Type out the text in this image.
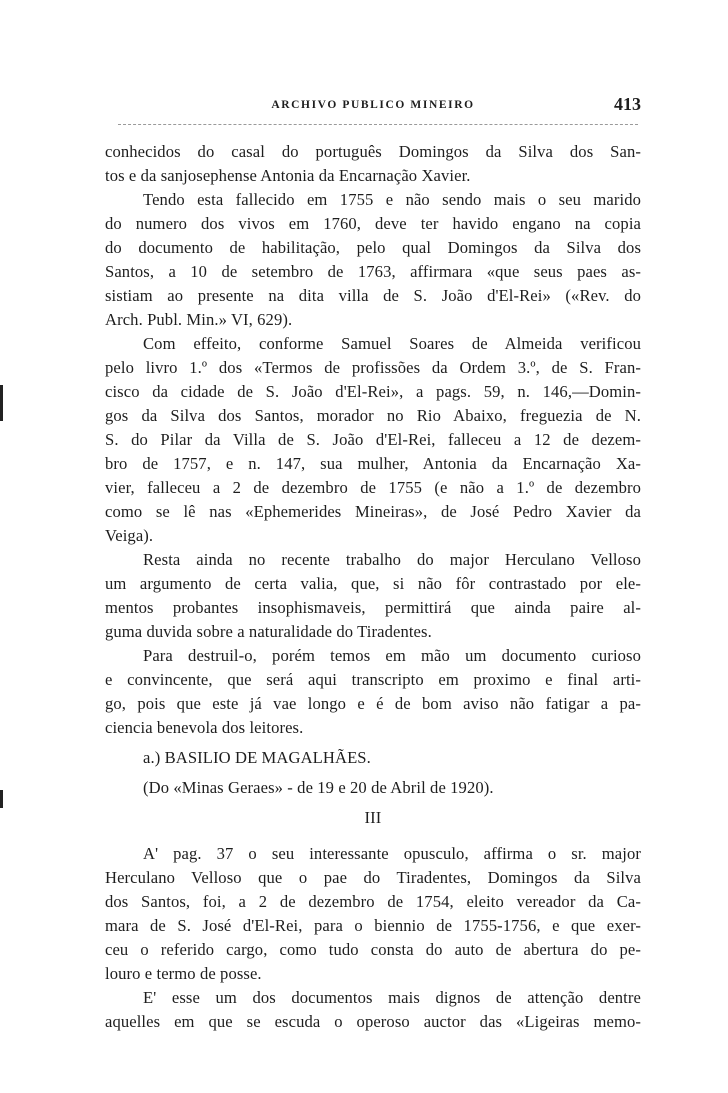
ARCHIVO PUBLICO MINEIRO	413
conhecidos do casal do português Domingos da Silva dos San-
tos e da sanjosephense Antonia da Encarnação Xavier.
Tendo esta fallecido em 1755 e não sendo mais o seu marido
do numero dos vivos em 1760, deve ter havido engano na copia
do documento de habilitação, pelo qual Domingos da Silva dos
Santos, a 10 de setembro de 1763, affirmara «que seus paes as-
sistiam ao presente na dita villa de S. João d'El-Rei» («Rev. do
Arch. Publ. Min.» VI, 629).
Com effeito, conforme Samuel Soares de Almeida verificou
pelo livro 1.º dos «Termos de profissões da Ordem 3.º, de S. Fran-
cisco da cidade de S. João d'El-Rei», a pags. 59, n. 146,—Domin-
gos da Silva dos Santos, morador no Rio Abaixo, freguezia de N.
S. do Pilar da Villa de S. João d'El-Rei, falleceu a 12 de dezem-
bro de 1757, e n. 147, sua mulher, Antonia da Encarnação Xa-
vier, falleceu a 2 de dezembro de 1755 (e não a 1.º de dezembro
como se lê nas «Ephemerides Mineiras», de José Pedro Xavier da
Veiga).
Resta ainda no recente trabalho do major Herculano Velloso
um argumento de certa valia, que, si não fôr contrastado por ele-
mentos probantes insophismaveis, permittirá que ainda paire al-
guma duvida sobre a naturalidade do Tiradentes.
Para destruil-o, porém temos em mão um documento curioso
e convincente, que será aqui transcripto em proximo e final arti-
go, pois que este já vae longo e é de bom aviso não fatigar a pa-
ciencia benevola dos leitores.
a.) BASILIO DE MAGALHÃES.
(Do «Minas Geraes» - de 19 e 20 de Abril de 1920).
III
A' pag. 37 o seu interessante opusculo, affirma o sr. major
Herculano Velloso que o pae do Tiradentes, Domingos da Silva
dos Santos, foi, a 2 de dezembro de 1754, eleito vereador da Ca-
mara de S. José d'El-Rei, para o biennio de 1755-1756, e que exer-
ceu o referido cargo, como tudo consta do auto de abertura do pe-
louro e termo de posse.
E' esse um dos documentos mais dignos de attenção dentre
aquelles em que se escuda o operoso auctor das «Ligeiras memo-
